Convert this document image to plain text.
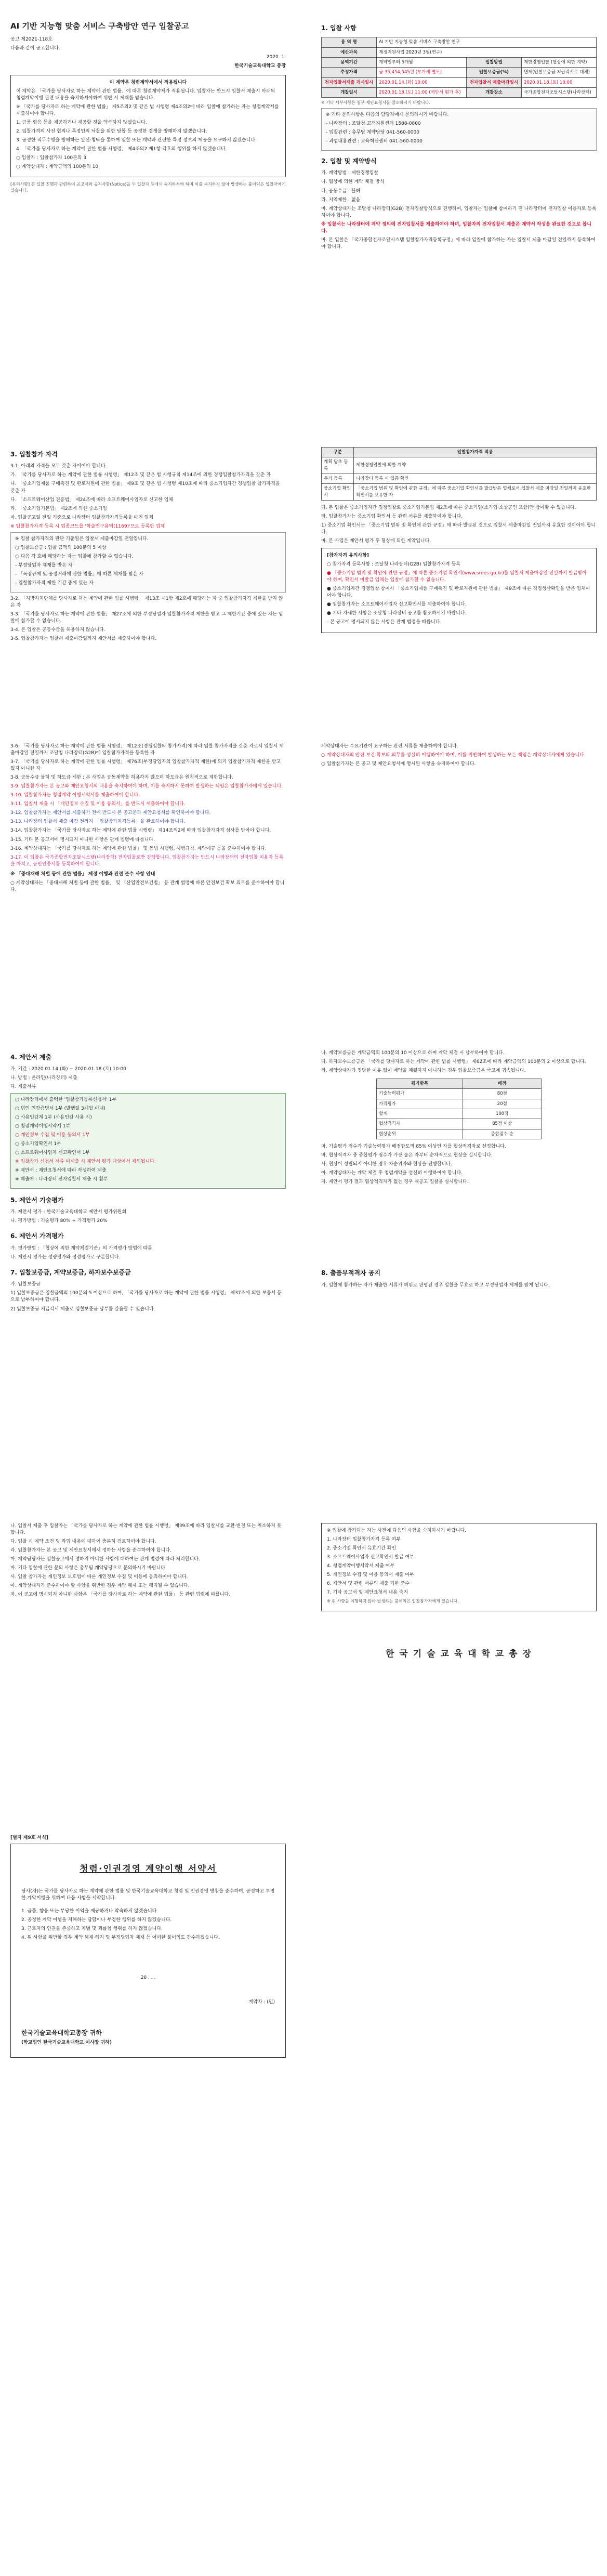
AI 기반 지능형 맞춤 서비스 구축방안 연구 입찰공고

공고 제2021-118호

다음과 같이 공고합니다.

2020. 1.

한국기술교육대학교 총장

이 계약은 청렴계약서에서 적용됩니다

이 계약은 「국가를 당사자로 하는 계약에 관한 법률」에 따른 청렴계약제가 적용됩니다. 입찰자는 반드시 입찰서 제출시 아래의 청렴계약이행 관련 내용을 숙지하셔야하며 위반 시 제재를 받습니다.

※ 「국가를 당사자로 하는 계약에 관한 법률」 제5조의2 및 같은 법 시행령 제4조의2에 따라 입찰에 참가하는 자는 청렴계약서를 제출하여야 합니다.

1. 금품·향응 등을 제공하거나 제공할 것을 약속하지 않겠습니다.

2. 입찰가격의 사전 협의나 특정인의 낙찰을 위한 담합 등 공정한 경쟁을 방해하지 않겠습니다.

3. 공정한 직무수행을 방해하는 알선·청탁을 통하여 입찰 또는 계약과 관련한 특정 정보의 제공을 요구하지 않겠습니다.

4. 「국가를 당사자로 하는 계약에 관한 법률 시행령」 제4조의2 제1항 각호의 행위를 하지 않겠습니다.

○ 입찰자 : 입찰참가자 100분의 3

○ 계약상대자 : 계약금액의 100분의 10

[유의사항] 본 입찰 진행과 관련하여 공고서와 공지사항(Notice)을 두 입찰자 등에서 숙지하셔야 하며 이를 숙지하지 않아 발생하는 불이익은 입찰자에게 있습니다.

1. 입찰 사항
용 역 명	AI 기반 지능형 맞춤 서비스 구축방안 연구		
예산과목	재정지원사업 2020년 3월(연구)		
용역기간	계약일부터 5개월	입찰방법	제한경쟁입찰 (협상에 의한 계약)
추정가격	금 35,454,545원 (부가세 별도)	입찰보증금(%)	면제(입찰보증금 지급각서로 대체)
전자입찰서제출 개시일시	2020.01.14.(화) 10:00	전자입찰서 제출마감일시	2020.01.18.(토) 10:00
개찰일시	2020.01.18.(토) 11:00 (제안서 평가 후)	개찰장소	국가종합전자조달시스템(나라장터)

※ 기타 세부사항은 첨부 제안요청서를 참조하시기 바랍니다.

※ 기타 문의사항은 다음의 담당자에게 문의하시기 바랍니다.

- 나라장터 : 조달청 고객지원센터 1588-0800

- 입찰관련 : 총무팀 계약담당 041-560-0000

- 과업내용관련 : 교육혁신센터 041-560-0000

2. 입찰 및 계약방식

가. 계약방법 : 제한경쟁입찰

나. 협상에 의한 계약 체결 방식

다. 공동수급 : 불허

라. 지역제한 : 없음

마. 계약상대자는 조달청 나라장터(G2B) 전자입찰방식으로 진행하며, 입찰자는 입찰에 참여하기 전 나라장터에 전자입찰 이용자로 등록하여야 합니다.

※ 입찰서는 나라장터에 계약 정의에 전자입찰서를 제출하여야 하며, 입찰자의 전자입찰서 제출은 계약서 작성을 완료한 것으로 봅니다.

바. 본 입찰은 「국가종합전자조달시스템 입찰참가자격등록규정」에 따라 입찰에 참가하는 자는 입찰서 제출 마감일 전일까지 등록하여야 합니다.

3. 입찰참가 자격

3-1. 아래의 자격을 모두 갖춘 자이어야 합니다.

가. 「국가를 당사자로 하는 계약에 관한 법률 시행령」 제12조 및 같은 법 시행규칙 제14조에 의한 경쟁입찰참가자격을 갖춘 자

나. 「중소기업제품 구매촉진 및 판로지원에 관한 법률」 제9조 및 같은 법 시행령 제10조에 따라 중소기업자간 경쟁입찰 참가자격을 갖춘 자

다. 「소프트웨어산업 진흥법」 제24조에 따라 소프트웨어사업자로 신고한 업체

라. 「중소기업기본법」 제2조에 의한 중소기업

마. 입찰공고일 전일 기준으로 나라장터 입찰참가자격등록을 마친 업체

※ 입찰참가자격 등록 시 업종코드를 '학술연구용역(1169)'으로 등록한 업체

※ 입찰 참가자격의 판단 기준일은 입찰서 제출마감일 전일입니다.

○ 입찰보증금 : 입찰 금액의 100분의 5 이상

○ 다음 각 호에 해당하는 자는 입찰에 참가할 수 없습니다.

- 부정당업자 제재를 받은 자

- 「독점규제 및 공정거래에 관한 법률」에 따른 제재를 받은 자

- 입찰참가자격 제한 기간 중에 있는 자

3-2. 「지방자치단체를 당사자로 하는 계약에 관한 법률 시행령」 제13조 제1항 제2호에 해당하는 자 중 입찰참가자격 제한을 받지 않은 자

3-3. 「국가를 당사자로 하는 계약에 관한 법률」 제27조에 의한 부정당업자 입찰참가자격 제한을 받고 그 제한기간 중에 있는 자는 입찰에 참가할 수 없습니다.

3-4. 본 입찰은 공동수급을 허용하지 않습니다.

3-5. 입찰참가자는 입찰서 제출마감일까지 제안서를 제출하여야 합니다.

구분	입찰참가자격 적용
계획 당초 등록	제한경쟁입찰에 의한 계약
추가 등록	나라장터 등록 시 업종 확인
중소기업 확인서	「중소기업 범위 및 확인에 관한 규정」에 따른 중소기업 확인서를 발급받은 업체로서 입찰서 제출 마감일 전일까지 유효한 확인서를 보유한 자

다. 본 입찰은 중소기업자간 경쟁입찰로 중소기업기본법 제2조에 따른 중소기업(소기업·소상공인 포함)만 참여할 수 있습니다.

라. 입찰참가자는 중소기업 확인서 등 관련 서류를 제출하여야 합니다.

1) 중소기업 확인서는 「중소기업 범위 및 확인에 관한 규정」에 따라 발급된 것으로 입찰서 제출마감일 전일까지 유효한 것이어야 합니다.

마. 본 사업은 제안서 평가 후 협상에 의한 계약입니다.

[참가자격 유의사항]

○ 참가자격 등록사항 : 조달청 나라장터(G2B) 입찰참가자격 등록

● 「중소기업 범위 및 확인에 관한 규정」에 따른 중소기업 확인서(www.smes.go.kr)를 입찰서 제출마감일 전일까지 발급받아야 하며, 확인서 미발급 업체는 입찰에 참가할 수 없습니다.

● 중소기업자간 경쟁입찰 참여시 「중소기업제품 구매촉진 및 판로지원에 관한 법률」 제9조에 따른 직접생산확인을 받은 업체이어야 합니다.

● 입찰참가자는 소프트웨어사업자 신고확인서를 제출하여야 합니다.

● 기타 자세한 사항은 조달청 나라장터 공고를 참조하시기 바랍니다.

- 본 공고에 명시되지 않은 사항은 관계 법령을 따릅니다.

3-6. 「국가를 당사자로 하는 계약에 관한 법률 시행령」 제12조(경쟁입찰의 참가자격)에 따라 입찰 참가자격을 갖춘 자로서 입찰서 제출마감일 전일까지 조달청 나라장터(G2B)에 입찰참가자격을 등록한 자

3-7. 「국가를 당사자로 하는 계약에 관한 법률 시행령」 제76조(부정당업자의 입찰참가자격 제한)에 의거 입찰참가자격 제한을 받고 있지 아니한 자

3-8. 공동수급 불허 및 하도급 제한 : 본 사업은 공동계약을 허용하지 않으며 하도급은 원칙적으로 제한합니다.

3-9. 입찰참가자는 본 공고와 제안요청서의 내용을 숙지하여야 하며, 이를 숙지하지 못하여 발생하는 책임은 입찰참가자에게 있습니다.

3-10. 입찰참가자는 청렴계약 이행서약서를 제출하여야 합니다.

3-11. 입찰서 제출 시 「개인정보 수집 및 이용 동의서」를 반드시 제출하여야 합니다.

3-12. 입찰참가자는 제안서를 제출하기 전에 반드시 본 공고문과 제안요청서를 확인하여야 합니다.

3-13. 나라장터 입찰서 제출 마감 전까지 「입찰참가자격등록」을 완료하여야 합니다.

3-14. 입찰참가자는 「국가를 당사자로 하는 계약에 관한 법률 시행령」 제14조의2에 따라 입찰참가자격 심사를 받아야 합니다.

3-15. 기타 본 공고서에 명시되지 아니한 사항은 관계 법령에 따릅니다.

3-16. 계약상대자는 「국가를 당사자로 하는 계약에 관한 법률」 및 동법 시행령, 시행규칙, 계약예규 등을 준수하여야 합니다.

3-17. 이 입찰은 국가종합전자조달시스템(나라장터) 전자입찰로만 진행합니다. 입찰참가자는 반드시 나라장터의 전자입찰 이용자 등록을 마치고, 공인인증서를 등록하여야 합니다.

※ 「중대재해 처벌 등에 관한 법률」 제정 이행과 관련 준수 사항 안내

○ 계약상대자는 「중대재해 처벌 등에 관한 법률」 및 「산업안전보건법」 등 관계 법령에 따른 안전보건 확보 의무를 준수하여야 합니다.

계약상대자는 수요기관이 요구하는 관련 서류를 제출하여야 합니다.

○ 계약상대자의 안전 보건 확보의 의무를 성실히 이행하여야 하며, 이를 위반하여 발생하는 모든 책임은 계약상대자에게 있습니다.

○ 입찰참가자는 본 공고 및 제안요청서에 명시된 사항을 숙지하여야 합니다.

4. 제안서 제출

가. 기간 : 2020.01.14.(화) ~ 2020.01.18.(토) 10:00

나. 방법 : 온라인(나라장터) 제출

다. 제출서류

○ 나라장터에서 출력한 '입찰참가등록신청서' 1부

○ 법인 인감증명서 1부 (발행일 3개월 이내)

○ 사용인감계 1부 (사용인감 사용 시)

○ 청렴계약이행서약서 1부

○ 개인정보 수집 및 이용 동의서 1부

○ 중소기업확인서 1부

○ 소프트웨어사업자 신고확인서 1부

※ 입찰참가 신청서 서류 미제출 시 제안서 평가 대상에서 제외됩니다.

※ 제안서 : 제안요청서에 따라 작성하여 제출

※ 제출처 : 나라장터 전자입찰서 제출 시 첨부

5. 제안서 기술평가

가. 제안서 평가 : 한국기술교육대학교 제안서 평가위원회

나. 평가방법 : 기술평가 80% + 가격평가 20%

6. 제안서 가격평가

가. 평가방법 : 「협상에 의한 계약체결기준」의 가격평가 방법에 따름

나. 제안서 평가는 정량평가와 정성평가로 구분합니다.

7. 입찰보증금, 계약보증금, 하자보수보증금

가. 입찰보증금

1) 입찰보증금은 입찰금액의 100분의 5 이상으로 하며, 「국가를 당사자로 하는 계약에 관한 법률 시행령」 제37조에 의한 보증서 등으로 납부하여야 합니다.

2) 입찰보증금 지급각서 제출로 입찰보증금 납부를 갈음할 수 있습니다.

나. 계약보증금은 계약금액의 100분의 10 이상으로 하며 계약 체결 시 납부하여야 합니다.

다. 하자보수보증금은 「국가를 당사자로 하는 계약에 관한 법률 시행령」 제62조에 따라 계약금액의 100분의 2 이상으로 합니다.

라. 계약상대자가 정당한 이유 없이 계약을 체결하지 아니하는 경우 입찰보증금은 국고에 귀속됩니다.

평가항목	배점
기술능력평가	80점
가격평가	20점
합계	100점
협상적격자	85점 이상
협상순위	종합점수 순

마. 기술평가 점수가 기술능력평가 배점한도의 85% 이상인 자를 협상적격자로 선정합니다.

바. 협상적격자 중 종합평가 점수가 가장 높은 자부터 순차적으로 협상을 실시합니다.

사. 협상이 성립되지 아니한 경우 차순위자와 협상을 진행합니다.

아. 계약상대자는 계약 체결 후 청렴계약을 성실히 이행하여야 합니다.

자. 제안서 평가 결과 협상적격자가 없는 경우 재공고 입찰을 실시합니다.

8. 출품부적격자 공지

가. 입찰에 참가하는 자가 제출한 서류가 허위로 판명된 경우 입찰을 무효로 하고 부정당업자 제재를 받게 됩니다.

나. 입찰서 제출 후 입찰자는 「국가를 당사자로 하는 계약에 관한 법률 시행령」 제39조에 따라 입찰서를 교환·변경 또는 취소하지 못합니다.

다. 입찰 시 계약 조건 및 과업 내용에 대하여 충분히 검토하여야 합니다.

라. 입찰참가자는 본 공고 및 제안요청서에서 정하는 사항을 준수하여야 합니다.

마. 계약담당자는 입찰공고에서 정하지 아니한 사항에 대하여는 관계 법령에 따라 처리합니다.

바. 기타 입찰에 관한 문의 사항은 총무팀 계약담당으로 문의하시기 바랍니다.

사. 입찰 참가자는 개인정보 보호법에 따른 개인정보 수집 및 이용에 동의하여야 합니다.

아. 계약상대자가 준수하여야 할 사항을 위반한 경우 계약 해제 또는 해지될 수 있습니다.

자. 이 공고에 명시되지 아니한 사항은 「국가를 당사자로 하는 계약에 관한 법률」 등 관련 법령에 따릅니다.

※ 입찰에 참가하는 자는 사전에 다음의 사항을 숙지하시기 바랍니다.

1. 나라장터 입찰참가자격 등록 여부

2. 중소기업 확인서 유효기간 확인

3. 소프트웨어사업자 신고확인서 발급 여부

4. 청렴계약이행서약서 제출 여부

5. 개인정보 수집 및 이용 동의서 제출 여부

6. 제안서 및 관련 서류의 제출 기한 준수

7. 기타 공고서 및 제안요청서 내용 숙지

※ 위 사항을 이행하지 않아 발생하는 불이익은 입찰참가자에게 있습니다.

한 국 기 술 교 육 대 학 교 총 장

[별지 제9호 서식]

청렴·인권경영 계약이행 서약서

당사(자)는 국가를 당사자로 하는 계약에 관한 법률 및 한국기술교육대학교 청렴 및 인권경영 방침을 준수하며, 공정하고 투명한 계약이행을 위하여 다음 사항을 서약합니다.

1. 금품, 향응 또는 부당한 이익을 제공하거나 약속하지 않겠습니다.

2. 공정한 계약 이행을 저해하는 담합이나 부정한 행위를 하지 않겠습니다.

3. 근로자의 인권을 존중하고 차별 및 괴롭힘 행위를 하지 않겠습니다.

4. 위 사항을 위반할 경우 계약 해제·해지 및 부정당업자 제재 등 어떠한 불이익도 감수하겠습니다.

20 . . .

계약자 : (인)

한국기술교육대학교총장 귀하

(학교법인 한국기술교육대학교 이사장 귀하)
